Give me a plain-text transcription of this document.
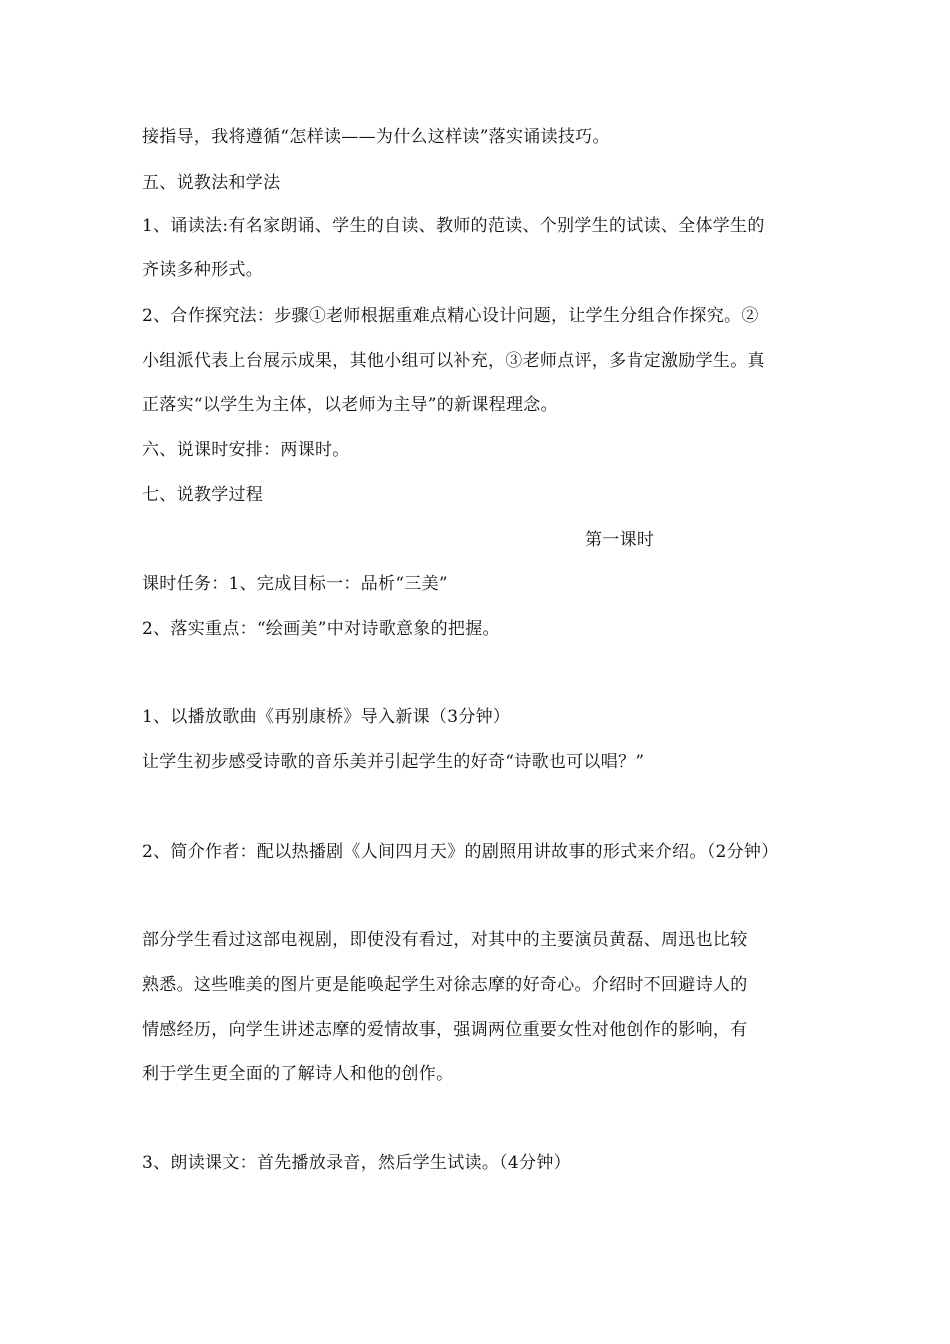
接指导，我将遵循“怎样读——为什么这样读”落实诵读技巧。
五、说教法和学法
1、诵读法:有名家朗诵、学生的自读、教师的范读、个别学生的试读、全体学生的
齐读多种形式。
2、合作探究法：步骤①老师根据重难点精心设计问题，让学生分组合作探究。②
小组派代表上台展示成果，其他小组可以补充，③老师点评，多肯定激励学生。真
正落实“以学生为主体，以老师为主导”的新课程理念。
六、说课时安排：两课时。
七、说教学过程
第一课时
课时任务：1、完成目标一：品析“三美”
2、落实重点：“绘画美”中对诗歌意象的把握。
1、以播放歌曲《再别康桥》导入新课（3分钟）
让学生初步感受诗歌的音乐美并引起学生的好奇“诗歌也可以唱？”
2、简介作者：配以热播剧《人间四月天》的剧照用讲故事的形式来介绍。（2分钟）
部分学生看过这部电视剧，即使没有看过，对其中的主要演员黄磊、周迅也比较
熟悉。这些唯美的图片更是能唤起学生对徐志摩的好奇心。介绍时不回避诗人的
情感经历，向学生讲述志摩的爱情故事，强调两位重要女性对他创作的影响，有
利于学生更全面的了解诗人和他的创作。
3、朗读课文：首先播放录音，然后学生试读。（4分钟）
